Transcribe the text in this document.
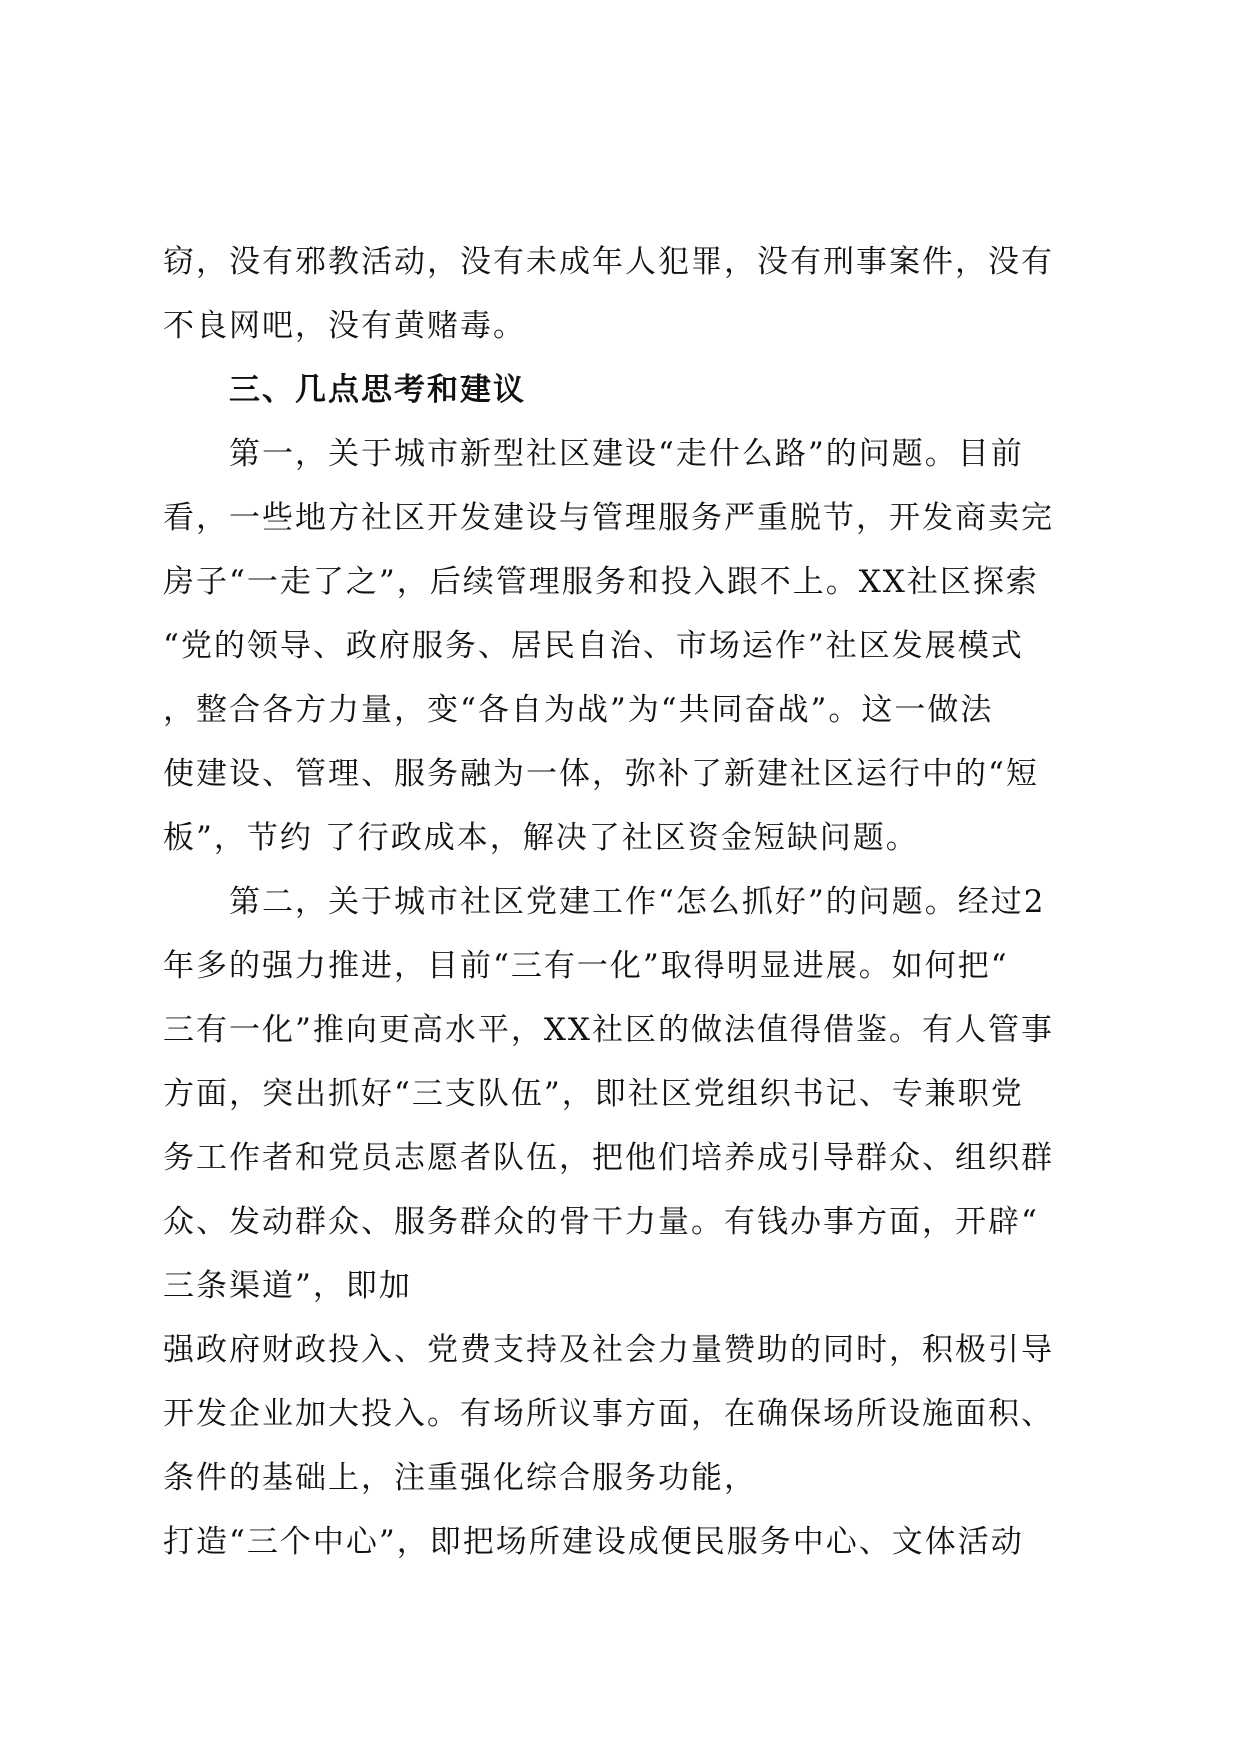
窃，没有邪教活动，没有未成年人犯罪，没有刑事案件，没有
不良网吧，没有黄赌毒。
三、几点思考和建议
第一，关于城市新型社区建设“走什么路”的问题。目前
看，一些地方社区开发建设与管理服务严重脱节，开发商卖完
房子“一走了之”，后续管理服务和投入跟不上。XX社区探索
“党的领导、政府服务、居民自治、市场运作”社区发展模式
，整合各方力量，变“各自为战”为“共同奋战”。这一做法
使建设、管理、服务融为一体，弥补了新建社区运行中的“短
板”，节约 了行政成本，解决了社区资金短缺问题。
第二，关于城市社区党建工作“怎么抓好”的问题。经过2
年多的强力推进，目前“三有一化”取得明显进展。如何把“
三有一化”推向更高水平，XX社区的做法值得借鉴。有人管事
方面，突出抓好“三支队伍”，即社区党组织书记、专兼职党
务工作者和党员志愿者队伍，把他们培养成引导群众、组织群
众、发动群众、服务群众的骨干力量。有钱办事方面，开辟“
三条渠道”，即加
强政府财政投入、党费支持及社会力量赞助的同时，积极引导
开发企业加大投入。有场所议事方面，在确保场所设施面积、
条件的基础上，注重强化综合服务功能，
打造“三个中心”，即把场所建设成便民服务中心、文体活动
